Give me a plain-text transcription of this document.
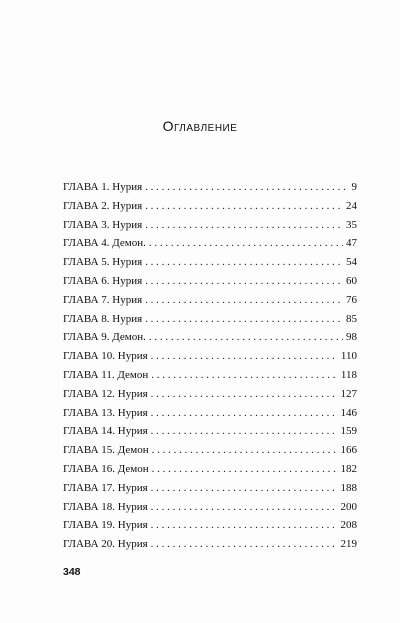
Оглавление
ГЛАВА 1. Нурия . . .	9
ГЛАВА 2. Нурия . . .	24
ГЛАВА 3. Нурия . . .	35
ГЛАВА 4. Демон. . . .	47
ГЛАВА 5. Нурия . . .	54
ГЛАВА 6. Нурия . . .	60
ГЛАВА 7. Нурия . . .	76
ГЛАВА 8. Нурия . . .	85
ГЛАВА 9. Демон. . . .	98
ГЛАВА 10. Нурия . . .	110
ГЛАВА 11. Демон . . .	118
ГЛАВА 12. Нурия . . .	127
ГЛАВА 13. Нурия . . .	146
ГЛАВА 14. Нурия . . .	159
ГЛАВА 15. Демон . . .	166
ГЛАВА 16. Демон . . .	182
ГЛАВА 17. Нурия . . .	188
ГЛАВА 18. Нурия . . .	200
ГЛАВА 19. Нурия . . .	208
ГЛАВА 20. Нурия . . .	219
348
